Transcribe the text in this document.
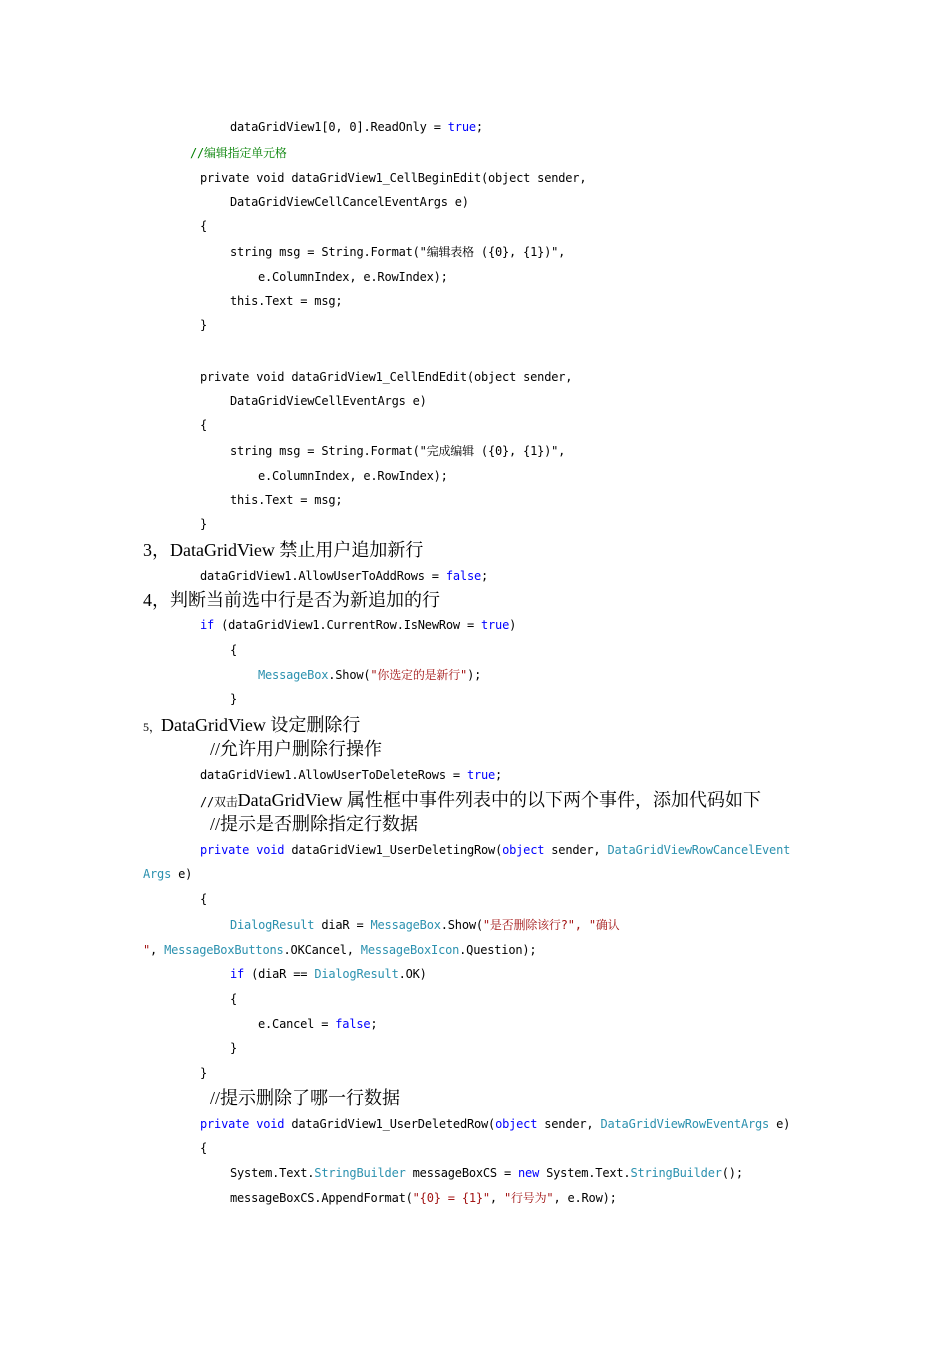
dataGridView1[0, 0].ReadOnly = true;
//编辑指定单元格
private void dataGridView1_CellBeginEdit(object sender,
DataGridViewCellCancelEventArgs e)
{
string msg = String.Format("编辑表格 ({0}, {1})",
e.ColumnIndex, e.RowIndex);
this.Text = msg;
}
private void dataGridView1_CellEndEdit(object sender,
DataGridViewCellEventArgs e)
{
string msg = String.Format("完成编辑 ({0}, {1})",
e.ColumnIndex, e.RowIndex);
this.Text = msg;
}
3，DataGridView 禁止用户追加新行
dataGridView1.AllowUserToAddRows = false;
4，判断当前选中行是否为新追加的行
if (dataGridView1.CurrentRow.IsNewRow = true)
{
MessageBox.Show("你选定的是新行");
}
5，DataGridView 设定删除行
//允许用户删除行操作
dataGridView1.AllowUserToDeleteRows = true;
//双击DataGridView 属性框中事件列表中的以下两个事件，添加代码如下
//提示是否删除指定行数据
private void dataGridView1_UserDeletingRow(object sender, DataGridViewRowCancelEvent
Args e)
{
DialogResult diaR = MessageBox.Show("是否删除该行?", "确认
", MessageBoxButtons.OKCancel, MessageBoxIcon.Question);
if (diaR == DialogResult.OK)
{
e.Cancel = false;
}
}
//提示删除了哪一行数据
private void dataGridView1_UserDeletedRow(object sender, DataGridViewRowEventArgs e)
{
System.Text.StringBuilder messageBoxCS = new System.Text.StringBuilder();
messageBoxCS.AppendFormat("{0} = {1}", "行号为", e.Row);
